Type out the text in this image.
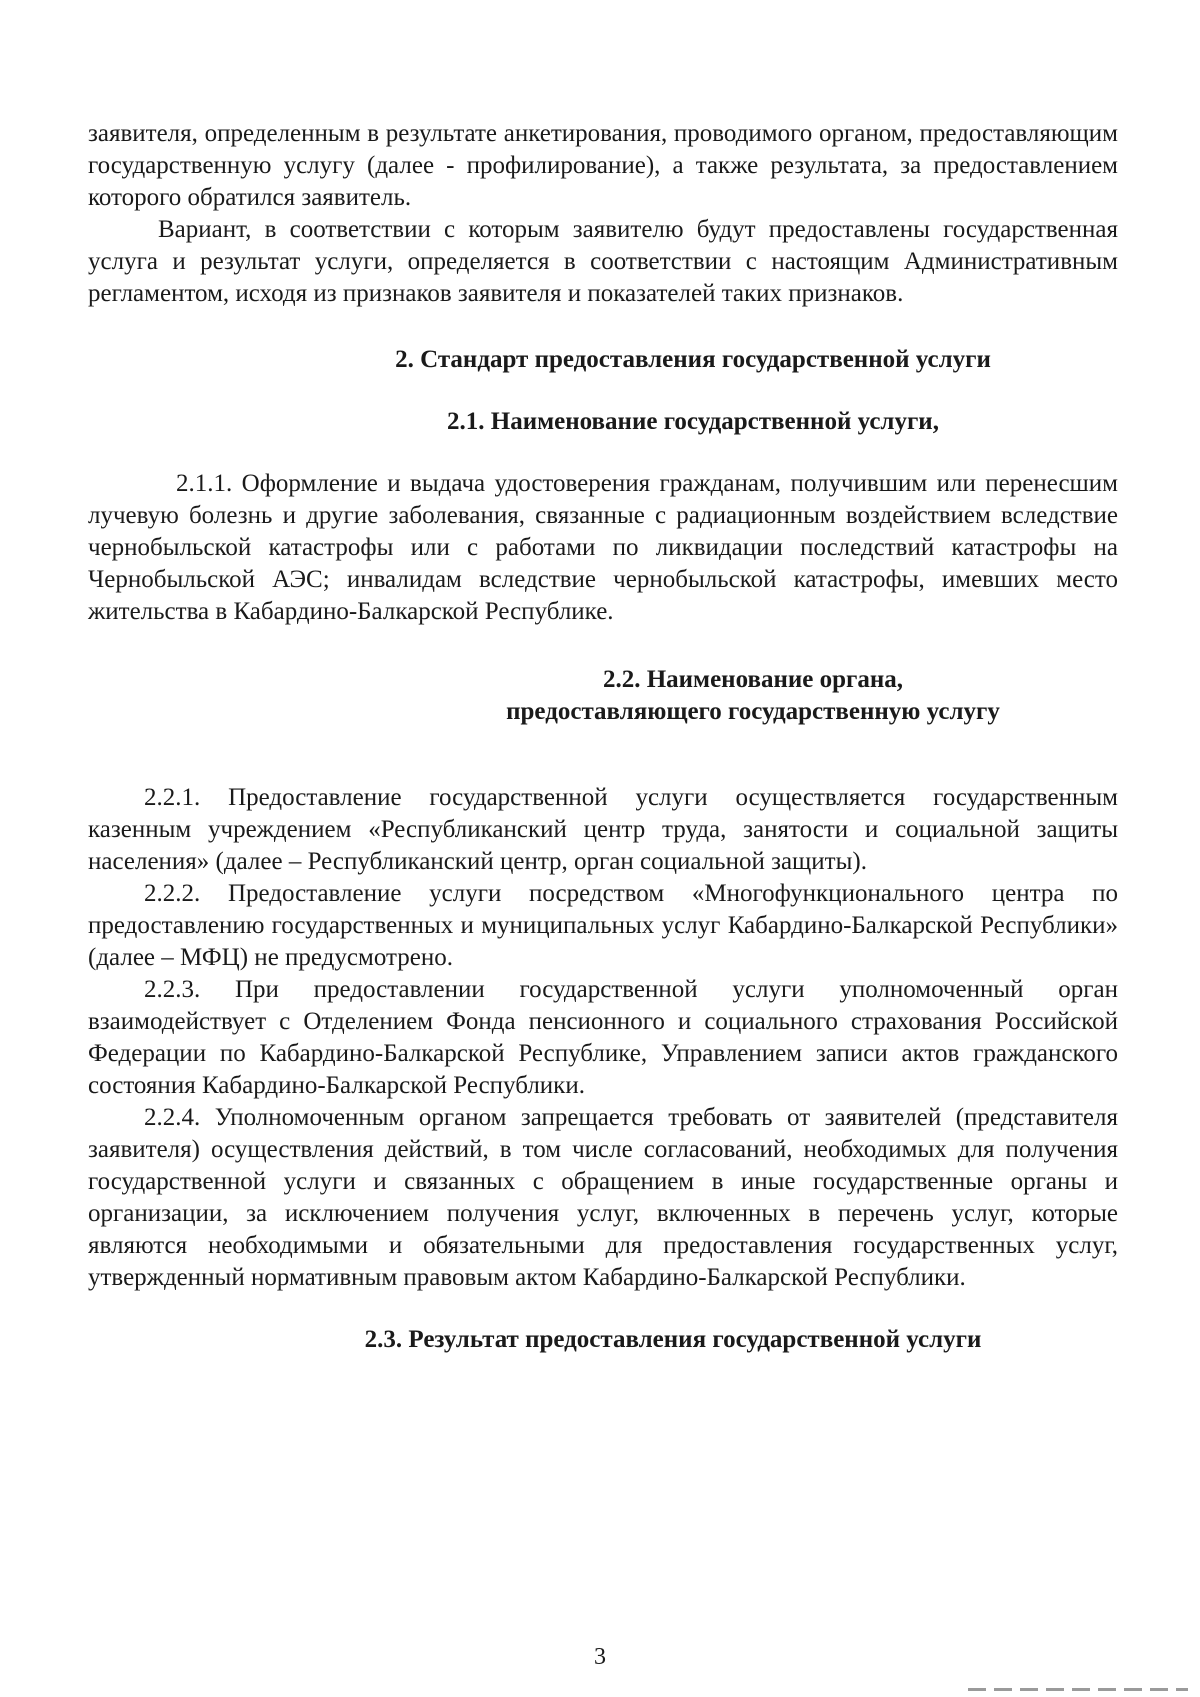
заявителя, определенным в результате анкетирования, проводимого органом, предоставляющим государственную услугу (далее - профилирование), а также результата, за предоставлением которого обратился заявитель.

Вариант, в соответствии с которым заявителю будут предоставлены государственная услуга и результат услуги, определяется в соответствии с настоящим Административным регламентом, исходя из признаков заявителя и показателей таких признаков.

2. Стандарт предоставления государственной услуги
2.1. Наименование государственной услуги,

2.1.1. Оформление и выдача удостоверения гражданам, получившим или перенесшим лучевую болезнь и другие заболевания, связанные с радиационным воздействием вследствие чернобыльской катастрофы или с работами по ликвидации последствий катастрофы на Чернобыльской АЭС; инвалидам вследствие чернобыльской катастрофы, имевших место жительства в Кабардино-Балкарской Республике.

2.2. Наименование органа,
предоставляющего государственную услугу

2.2.1. Предоставление государственной услуги осуществляется государственным казенным учреждением «Республиканский центр труда, занятости и социальной защиты населения» (далее – Республиканский центр, орган социальной защиты).

2.2.2. Предоставление услуги посредством «Многофункционального центра по предоставлению государственных и муниципальных услуг Кабардино-Балкарской Республики» (далее – МФЦ) не предусмотрено.

2.2.3. При предоставлении государственной услуги уполномоченный орган взаимодействует с Отделением Фонда пенсионного и социального страхования Российской Федерации по Кабардино-Балкарской Республике, Управлением записи актов гражданского состояния Кабардино-Балкарской Республики.

2.2.4. Уполномоченным органом запрещается требовать от заявителей (представителя заявителя) осуществления действий, в том числе согласований, необходимых для получения государственной услуги и связанных с обращением в иные государственные органы и организации, за исключением получения услуг, включенных в перечень услуг, которые являются необходимыми и обязательными для предоставления государственных услуг, утвержденный нормативным правовым актом Кабардино-Балкарской Республики.

2.3. Результат предоставления государственной услуги
3
